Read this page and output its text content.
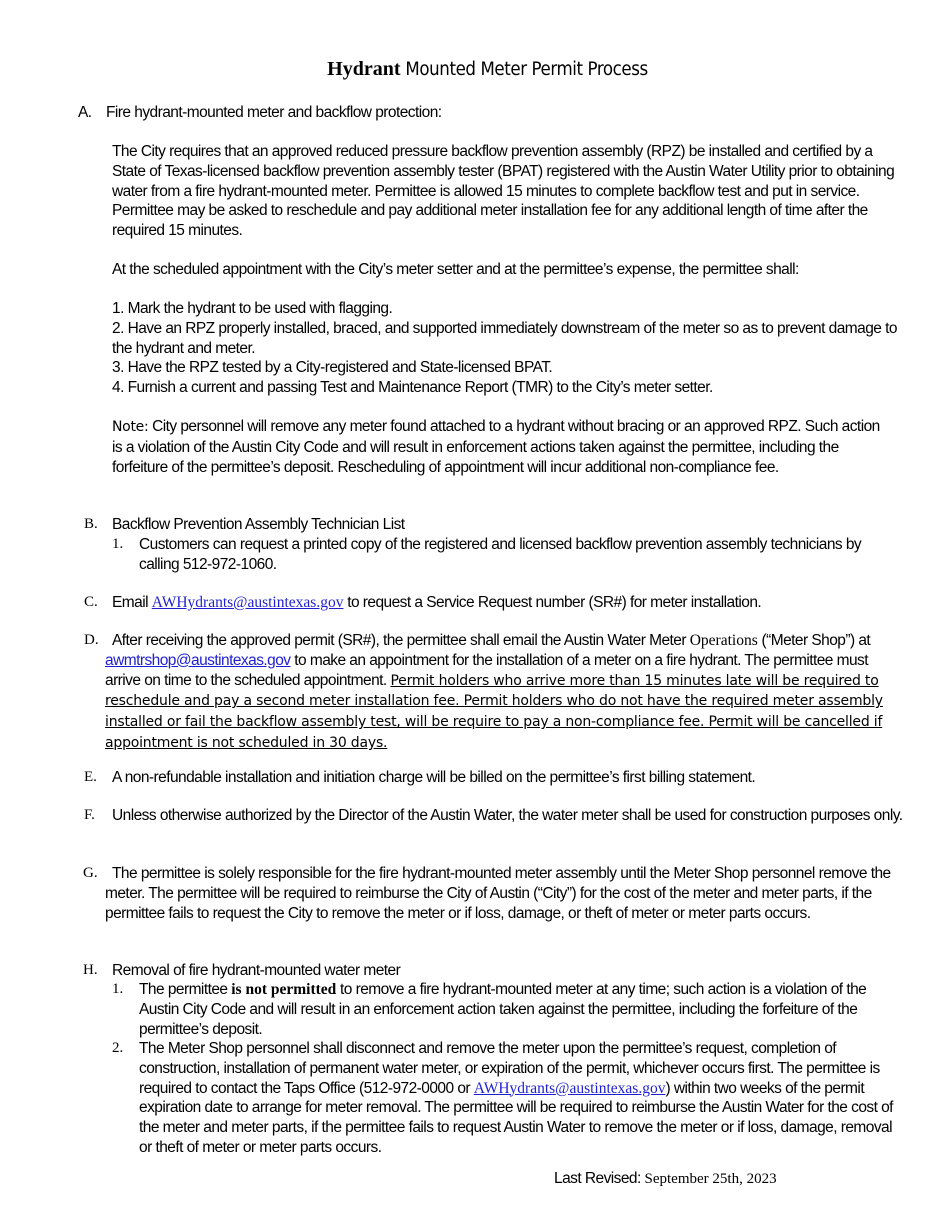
Hydrant Mounted Meter Permit Process
A. Fire hydrant-mounted meter and backflow protection:

The City requires that an approved reduced pressure backflow prevention assembly (RPZ) be installed and certified by a State of Texas-licensed backflow prevention assembly tester (BPAT) registered with the Austin Water Utility prior to obtaining water from a fire hydrant-mounted meter. Permittee is allowed 15 minutes to complete backflow test and put in service. Permittee may be asked to reschedule and pay additional meter installation fee for any additional length of time after the required 15 minutes.

At the scheduled appointment with the City’s meter setter and at the permittee’s expense, the permittee shall:

1. Mark the hydrant to be used with flagging.

2. Have an RPZ properly installed, braced, and supported immediately downstream of the meter so as to prevent damage to the hydrant and meter.

3. Have the RPZ tested by a City-registered and State-licensed BPAT.

4. Furnish a current and passing Test and Maintenance Report (TMR) to the City’s meter setter.

Note: City personnel will remove any meter found attached to a hydrant without bracing or an approved RPZ. Such action is a violation of the Austin City Code and will result in enforcement actions taken against the permittee, including the forfeiture of the permittee’s deposit. Rescheduling of appointment will incur additional non-compliance fee.

B. Backflow Prevention Assembly Technician List
1. Customers can request a printed copy of the registered and licensed backflow prevention assembly technicians by calling 512-972-1060.

C. Email AWHydrants@austintexas.gov to request a Service Request number (SR#) for meter installation.

D. After receiving the approved permit (SR#), the permittee shall email the Austin Water Meter Operations (“Meter Shop”) at awmtrshop@austintexas.gov to make an appointment for the installation of a meter on a fire hydrant. The permittee must arrive on time to the scheduled appointment. Permit holders who arrive more than 15 minutes late will be required to reschedule and pay a second meter installation fee. Permit holders who do not have the required meter assembly installed or fail the backflow assembly test, will be require to pay a non-compliance fee. Permit will be cancelled if appointment is not scheduled in 30 days.

E. A non-refundable installation and initiation charge will be billed on the permittee’s first billing statement.

F.	Unless otherwise authorized by the Director of the Austin Water, the water meter shall be used for construction purposes only.

G. The permittee is solely responsible for the fire hydrant-mounted meter assembly until the Meter Shop personnel remove the meter. The permittee will be required to reimburse the City of Austin (“City”) for the cost of the meter and meter parts, if the permittee fails to request the City to remove the meter or if loss, damage, or theft of meter or meter parts occurs.

H. Removal of fire hydrant-mounted water meter
1. The permittee is not permitted to remove a fire hydrant-mounted meter at any time; such action is a violation of the Austin City Code and will result in an enforcement action taken against the permittee, including the forfeiture of the permittee’s deposit.

2. The Meter Shop personnel shall disconnect and remove the meter upon the permittee’s request, completion of construction, installation of permanent water meter, or expiration of the permit, whichever occurs first. The permittee is required to contact the Taps Office (512-972-0000 or AWHydrants@austintexas.gov) within two weeks of the permit expiration date to arrange for meter removal. The permittee will be required to reimburse the Austin Water for the cost of the meter and meter parts, if the permittee fails to request Austin Water to remove the meter or if loss, damage, removal or theft of meter or meter parts occurs.

Last Revised: September 25th, 2023
